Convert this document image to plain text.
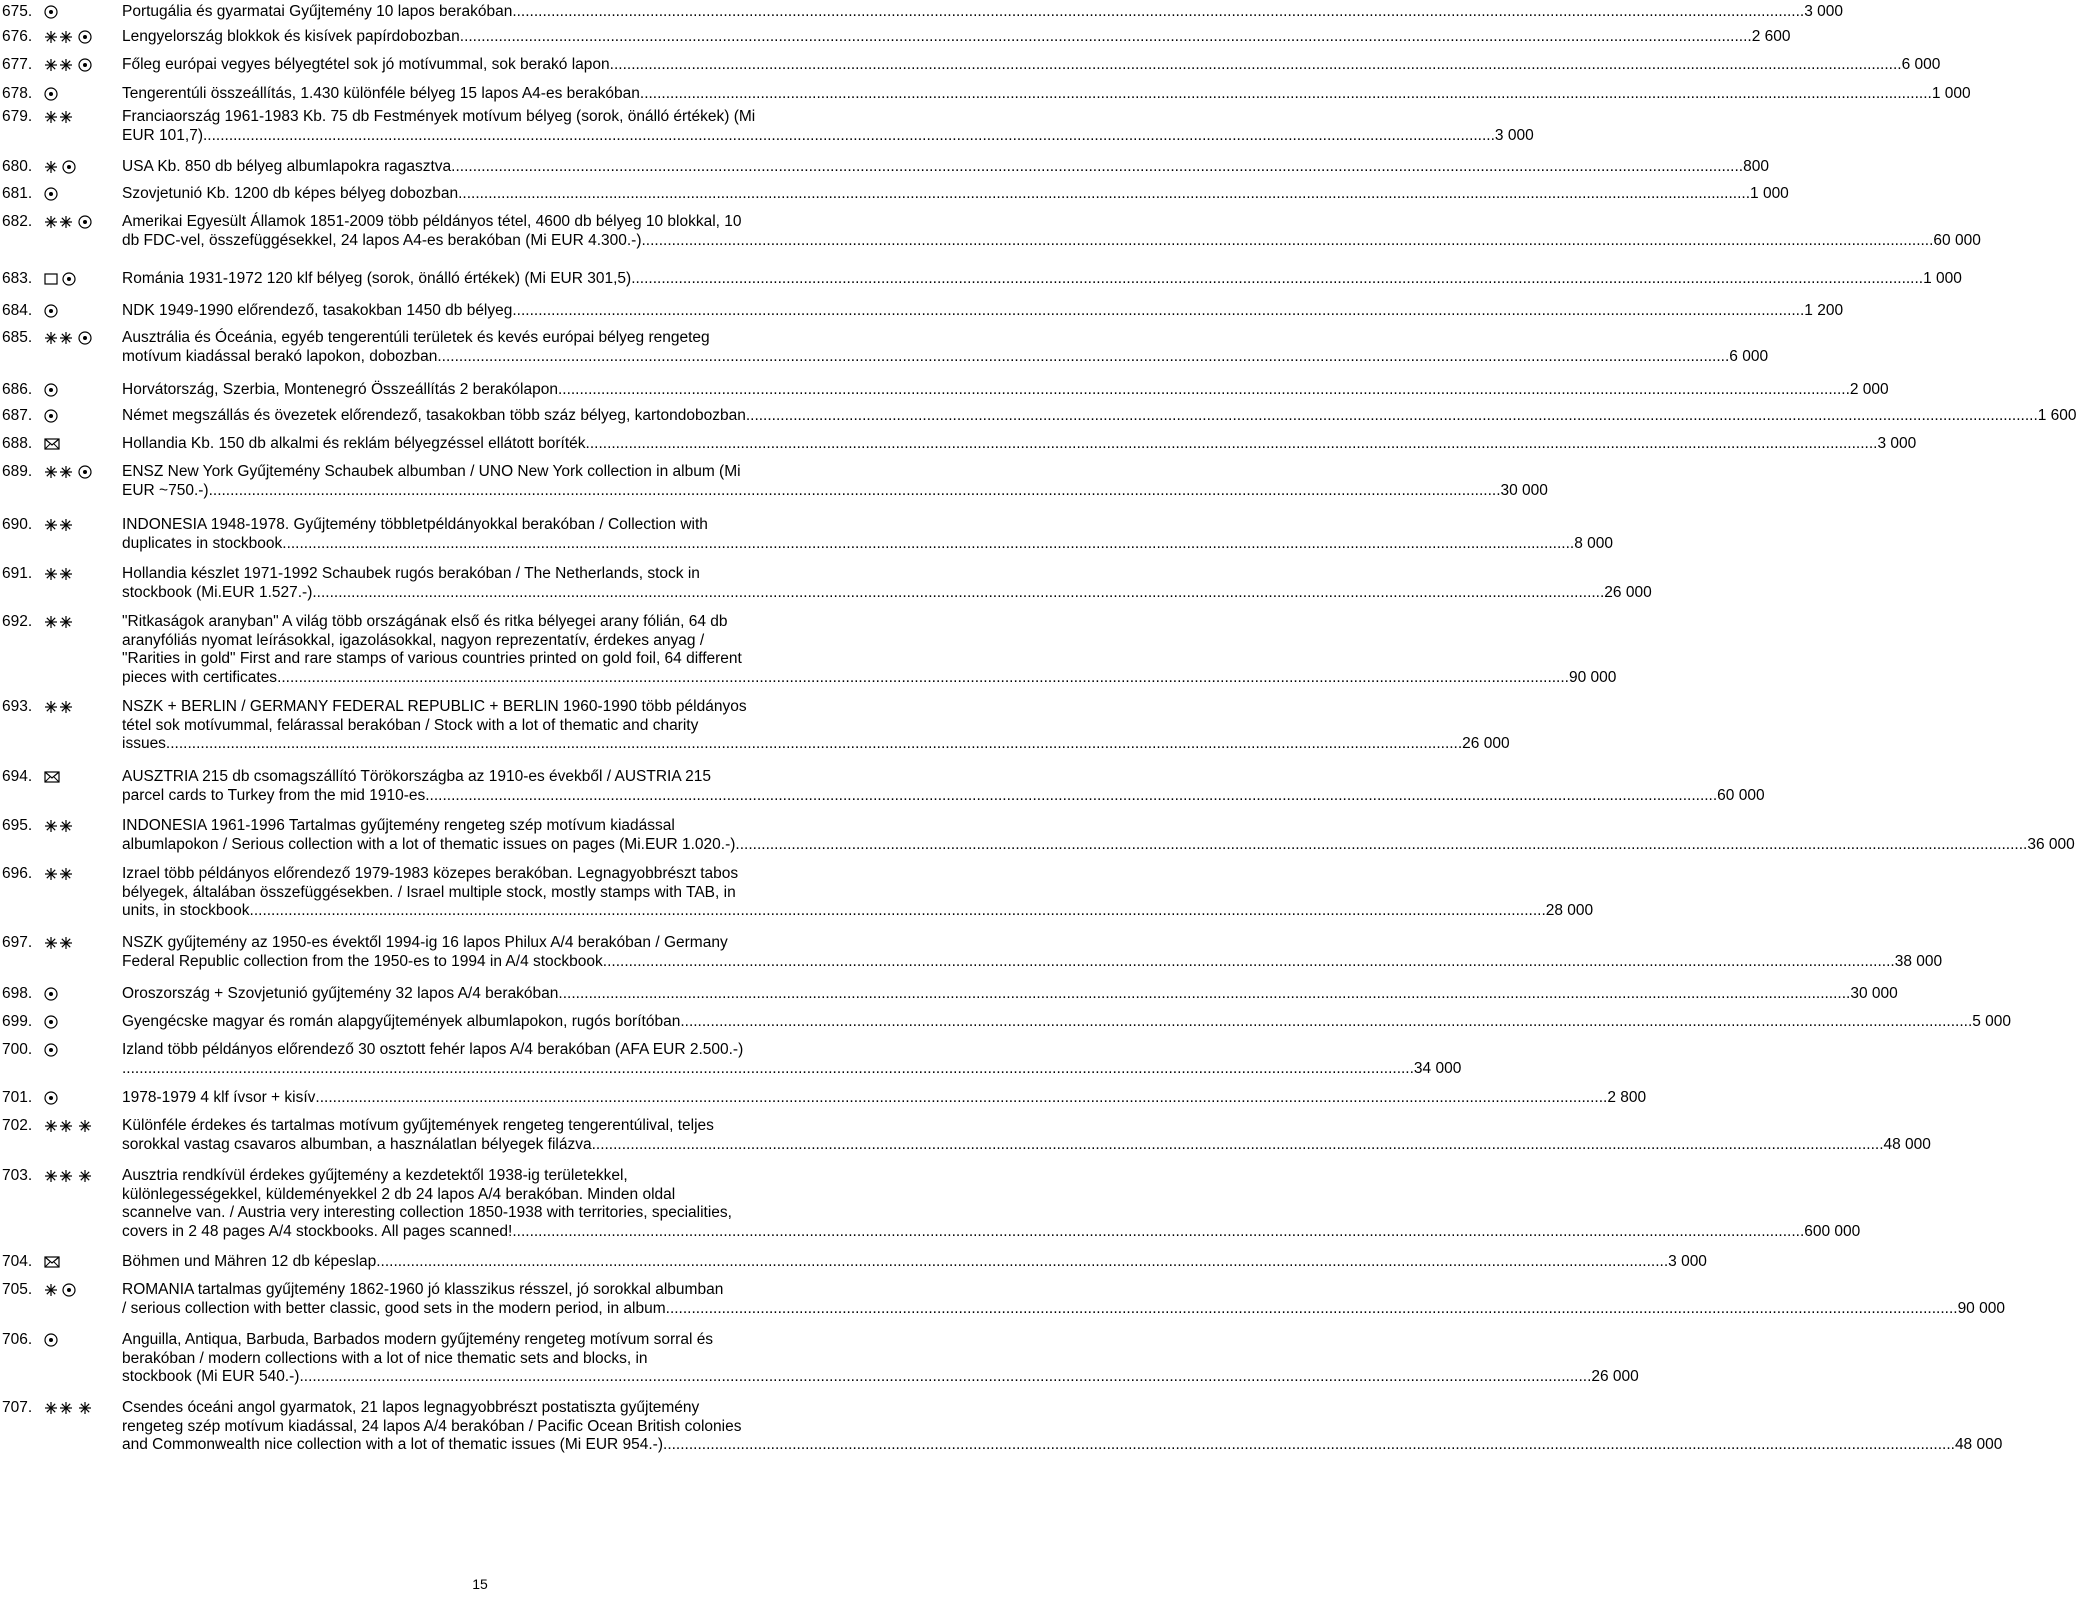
675.	Portugália és gyarmatai Gyűjtemény 10 lapos berakóban ............................................................................................................................................................................................................................................................................................................ 3 000
676.	Lengyelország blokkok és kisívek papírdobozban ............................................................................................................................................................................................................................................................................................................ 2 600
677.	Főleg európai vegyes bélyegtétel sok jó motívummal, sok berakó lapon ............................................................................................................................................................................................................................................................................................................ 6 000
678.	Tengerentúli összeállítás, 1.430 különféle bélyeg 15 lapos A4-es berakóban ............................................................................................................................................................................................................................................................................................................ 1 000
679.	Franciaország 1961-1983 Kb. 75 db Festmények motívum bélyeg (sorok, önálló értékek) (Mi
EUR 101,7) ............................................................................................................................................................................................................................................................................................................ 3 000
680.	USA Kb. 850 db bélyeg albumlapokra ragasztva ............................................................................................................................................................................................................................................................................................................ 800
681.	Szovjetunió Kb. 1200 db képes bélyeg dobozban ............................................................................................................................................................................................................................................................................................................ 1 000
682.	Amerikai Egyesült Államok 1851-2009 több példányos tétel, 4600 db bélyeg 10 blokkal, 10
db FDC-vel, összefüggésekkel, 24 lapos A4-es berakóban (Mi EUR 4.300.-) ............................................................................................................................................................................................................................................................................................................ 60 000
683.	Románia 1931-1972 120 klf bélyeg (sorok, önálló értékek) (Mi EUR 301,5) ............................................................................................................................................................................................................................................................................................................ 1 000
684.	NDK 1949-1990 előrendező, tasakokban 1450 db bélyeg ............................................................................................................................................................................................................................................................................................................ 1 200
685.	Ausztrália és Óceánia, egyéb tengerentúli területek és kevés európai bélyeg rengeteg
motívum kiadással berakó lapokon, dobozban ............................................................................................................................................................................................................................................................................................................ 6 000
686.	Horvátország, Szerbia, Montenegró Összeállítás 2 berakólapon ............................................................................................................................................................................................................................................................................................................ 2 000
687.	Német megszállás és övezetek előrendező, tasakokban több száz bélyeg, kartondobozban ............................................................................................................................................................................................................................................................................................................ 1 600
688.	Hollandia Kb. 150 db alkalmi és reklám bélyegzéssel ellátott boríték ............................................................................................................................................................................................................................................................................................................ 3 000
689.	ENSZ New York Gyűjtemény Schaubek albumban / UNO New York collection in album (Mi
EUR ~750.-) ............................................................................................................................................................................................................................................................................................................ 30 000
690.	INDONESIA 1948-1978. Gyűjtemény többletpéldányokkal berakóban / Collection with
duplicates in stockbook ............................................................................................................................................................................................................................................................................................................ 8 000
691.	Hollandia készlet 1971-1992 Schaubek rugós berakóban / The Netherlands, stock in
stockbook (Mi.EUR 1.527.-) ............................................................................................................................................................................................................................................................................................................ 26 000
692.	"Ritkaságok aranyban" A világ több országának első és ritka bélyegei arany fólián, 64 db
aranyfóliás nyomat leírásokkal, igazolásokkal, nagyon reprezentatív, érdekes anyag /
"Rarities in gold" First and rare stamps of various countries printed on gold foil, 64 different
pieces with certificates ............................................................................................................................................................................................................................................................................................................ 90 000
693.	NSZK + BERLIN / GERMANY FEDERAL REPUBLIC + BERLIN 1960-1990 több példányos
tétel sok motívummal, felárassal berakóban / Stock with a lot of thematic and charity
issues. ............................................................................................................................................................................................................................................................................................................ 26 000
694.	AUSZTRIA 215 db csomagszállító Törökországba az 1910-es évekből / AUSTRIA 215
parcel cards to Turkey from the mid 1910-es ............................................................................................................................................................................................................................................................................................................ 60 000
695.	INDONESIA 1961-1996 Tartalmas gyűjtemény rengeteg szép motívum kiadással
albumlapokon / Serious collection with a lot of thematic issues on pages (Mi.EUR 1.020.-) ............................................................................................................................................................................................................................................................................................................ 36 000
696.	Izrael több példányos előrendező 1979-1983 közepes berakóban. Legnagyobbrészt tabos
bélyegek, általában összefüggésekben. / Israel multiple stock, mostly stamps with TAB, in
units, in stockbook. ............................................................................................................................................................................................................................................................................................................ 28 000
697.	NSZK gyűjtemény az 1950-es évektől 1994-ig 16 lapos Philux A/4 berakóban / Germany
Federal Republic collection from the 1950-es to 1994 in A/4 stockbook ............................................................................................................................................................................................................................................................................................................ 38 000
698.	Oroszország + Szovjetunió gyűjtemény 32 lapos A/4 berakóban ............................................................................................................................................................................................................................................................................................................ 30 000
699.	Gyengécske magyar és román alapgyűjtemények albumlapokon, rugós borítóban ............................................................................................................................................................................................................................................................................................................ 5 000
700.	Izland több példányos előrendező 30 osztott fehér lapos A/4 berakóban (AFA EUR 2.500.-)
............................................................................................................................................................................................................................................................................................................ 34 000
701.	1978-1979 4 klf ívsor + kisív ............................................................................................................................................................................................................................................................................................................ 2 800
702.	Különféle érdekes és tartalmas motívum gyűjtemények rengeteg tengerentúlival, teljes
sorokkal vastag csavaros albumban, a használatlan bélyegek filázva ............................................................................................................................................................................................................................................................................................................ 48 000
703.	Ausztria rendkívül érdekes gyűjtemény a kezdetektől 1938-ig területekkel,
különlegességekkel, küldeményekkel 2 db 24 lapos A/4 berakóban. Minden oldal
scannelve van. / Austria very interesting collection 1850-1938 with territories, specialities,
covers in 2 48 pages A/4 stockbooks. All pages scanned! ............................................................................................................................................................................................................................................................................................................ 600 000
704.	Böhmen und Mähren 12 db képeslap ............................................................................................................................................................................................................................................................................................................ 3 000
705.	ROMANIA tartalmas gyűjtemény 1862-1960 jó klasszikus résszel, jó sorokkal albumban
/ serious collection with better classic, good sets in the modern period, in album ............................................................................................................................................................................................................................................................................................................ 90 000
706.	Anguilla, Antiqua, Barbuda, Barbados modern gyűjtemény rengeteg motívum sorral és
berakóban / modern collections with a lot of nice thematic sets and blocks, in
stockbook (Mi EUR 540.-) ............................................................................................................................................................................................................................................................................................................ 26 000
707.	Csendes óceáni angol gyarmatok, 21 lapos legnagyobbrészt postatiszta gyűjtemény
rengeteg szép motívum kiadással, 24 lapos A/4 berakóban / Pacific Ocean British colonies
and Commonwealth nice collection with a lot of thematic issues (Mi EUR 954.-) ............................................................................................................................................................................................................................................................................................................ 48 000
15
